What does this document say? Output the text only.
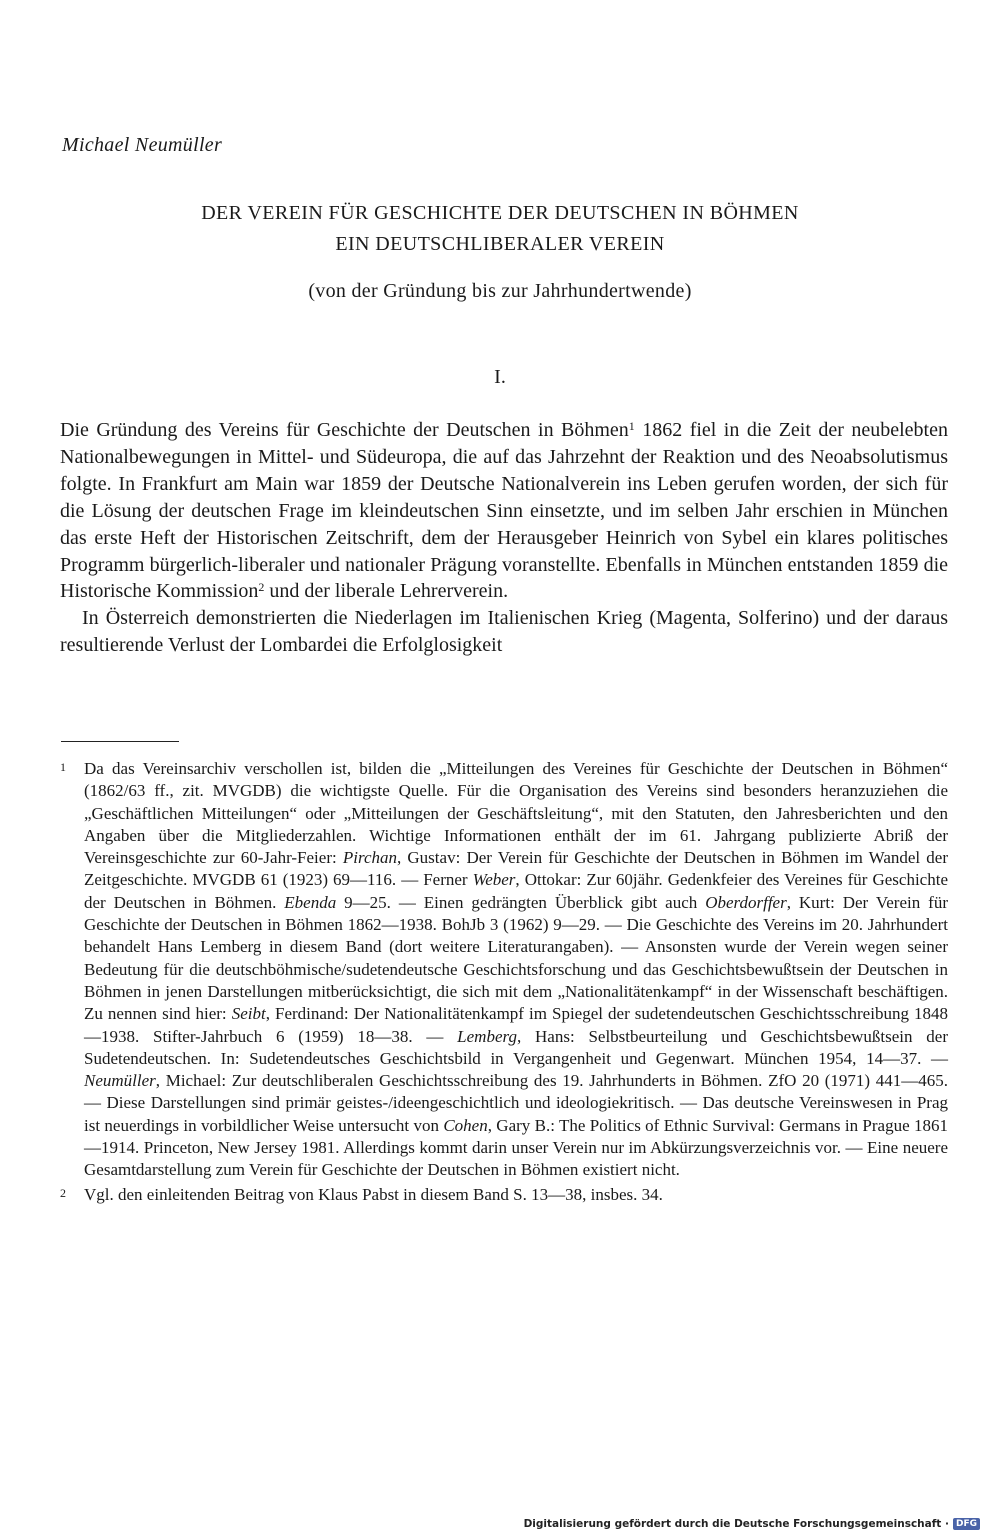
Michael Neumüller
DER VEREIN FÜR GESCHICHTE DER DEUTSCHEN IN BÖHMEN
EIN DEUTSCHLIBERALER VEREIN
(von der Gründung bis zur Jahrhundertwende)
I.

Die Gründung des Vereins für Geschichte der Deutschen in Böhmen$^1$ 1862 fiel in die Zeit der neubelebten Nationalbewegungen in Mittel- und Südeuropa, die auf das Jahrzehnt der Reaktion und des Neoabsolutismus folgte. In Frankfurt am Main war 1859 der Deutsche Nationalverein ins Leben gerufen worden, der sich für die Lösung der deutschen Frage im kleindeutschen Sinn einsetzte, und im selben Jahr erschien in München das erste Heft der Historischen Zeitschrift, dem der Herausgeber Heinrich von Sybel ein klares politisches Programm bürgerlich-liberaler und nationaler Prägung voranstellte. Ebenfalls in München entstanden 1859 die Historische Kommission$^2$ und der liberale Lehrerverein.

In Österreich demonstrierten die Niederlagen im Italienischen Krieg (Magenta, Solferino) und der daraus resultierende Verlust der Lombardei die Erfolglosigkeit

1	Da das Vereinsarchiv verschollen ist, bilden die „Mitteilungen des Vereines für Geschichte der Deutschen in Böhmen“ (1862/63 ff., zit. MVGDB) die wichtigste Quelle. Für die Organisation des Vereins sind besonders heranzuziehen die „Geschäftlichen Mitteilungen“ oder „Mitteilungen der Geschäftsleitung“, mit den Statuten, den Jahresberichten und den Angaben über die Mitgliederzahlen. Wichtige Informationen enthält der im 61. Jahrgang publizierte Abriß der Vereinsgeschichte zur 60-Jahr-Feier: Pirchan, Gustav: Der Verein für Geschichte der Deutschen in Böhmen im Wandel der Zeitgeschichte. MVGDB 61 (1923) 69—116. — Ferner Weber, Ottokar: Zur 60jähr. Gedenkfeier des Vereines für Geschichte der Deutschen in Böhmen. Ebenda 9—25. — Einen gedrängten Überblick gibt auch Oberdorffer, Kurt: Der Verein für Geschichte der Deutschen in Böhmen 1862—1938. BohJb 3 (1962) 9—29. — Die Geschichte des Vereins im 20. Jahrhundert behandelt Hans Lemberg in diesem Band (dort weitere Literaturangaben). — Ansonsten wurde der Verein wegen seiner Bedeutung für die deutschböhmische/sudetendeutsche Geschichtsforschung und das Geschichtsbewußtsein der Deutschen in Böhmen in jenen Darstellungen mitberücksichtigt, die sich mit dem „Nationalitätenkampf“ in der Wissenschaft beschäftigen. Zu nennen sind hier: Seibt, Ferdinand: Der Nationalitätenkampf im Spiegel der sudetendeutschen Geschichtsschreibung 1848—1938. Stifter-Jahrbuch 6 (1959) 18—38. — Lemberg, Hans: Selbstbeurteilung und Geschichtsbewußtsein der Sudetendeutschen. In: Sudetendeutsches Geschichtsbild in Vergangenheit und Gegenwart. München 1954, 14—37. — Neumüller, Michael: Zur deutschliberalen Geschichtsschreibung des 19. Jahrhunderts in Böhmen. ZfO 20 (1971) 441—465. — Diese Darstellungen sind primär geistes-/ideengeschichtlich und ideologiekritisch. — Das deutsche Vereinswesen in Prag ist neuerdings in vorbildlicher Weise untersucht von Cohen, Gary B.: The Politics of Ethnic Survival: Germans in Prague 1861—1914. Princeton, New Jersey 1981. Allerdings kommt darin unser Verein nur im Abkürzungsverzeichnis vor. — Eine neuere Gesamtdarstellung zum Verein für Geschichte der Deutschen in Böhmen existiert nicht.
2	Vgl. den einleitenden Beitrag von Klaus Pabst in diesem Band S. 13—38, insbes. 34.
Digitalisierung gefördert durch die Deutsche Forschungsgemeinschaft · DFG
